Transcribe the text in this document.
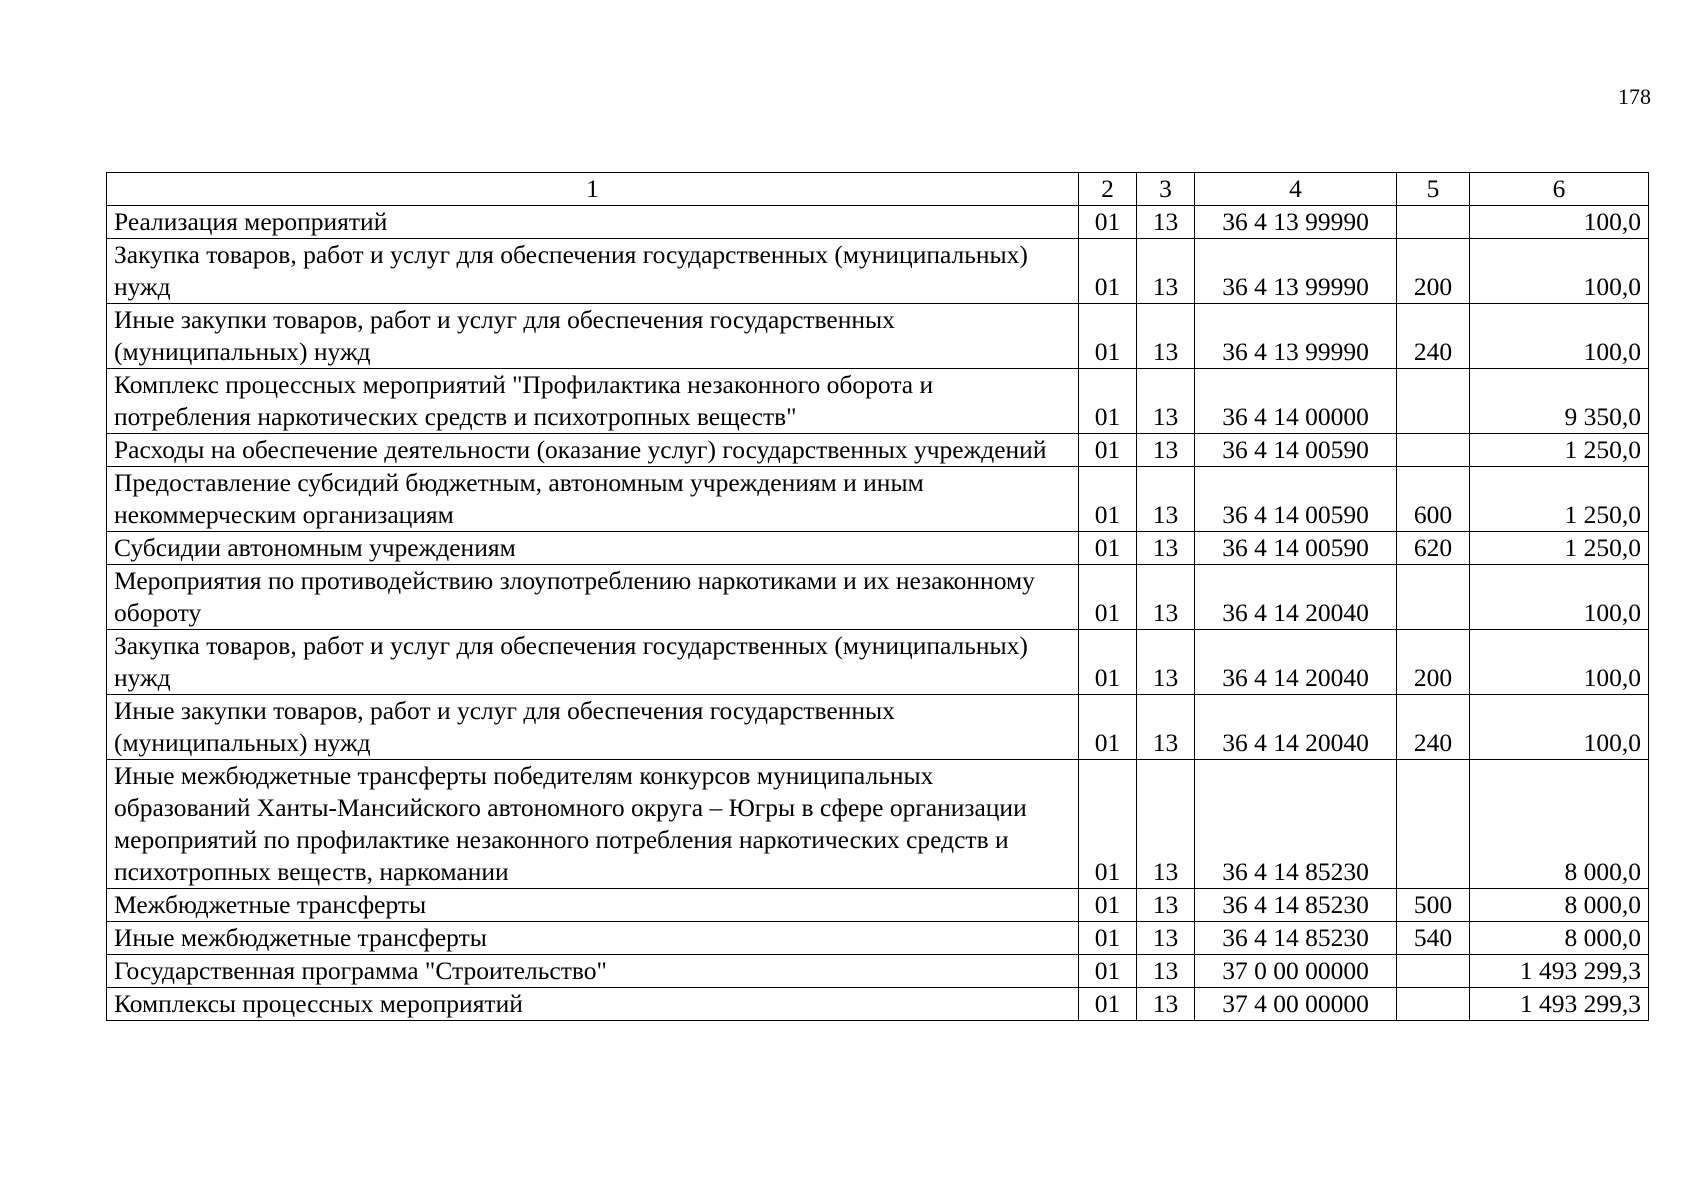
178
1	2	3	4	5	6
Реализация мероприятий	01	13	36 4 13 99990		100,0
Закупка товаров, работ и услуг для обеспечения государственных (муниципальных) нужд	01	13	36 4 13 99990	200	100,0
Иные закупки товаров, работ и услуг для обеспечения государственных (муниципальных) нужд	01	13	36 4 13 99990	240	100,0
Комплекс процессных мероприятий "Профилактика незаконного оборота и потребления наркотических средств и психотропных веществ"	01	13	36 4 14 00000		9 350,0
Расходы на обеспечение деятельности (оказание услуг) государственных учреждений	01	13	36 4 14 00590		1 250,0
Предоставление субсидий бюджетным, автономным учреждениям и иным некоммерческим организациям	01	13	36 4 14 00590	600	1 250,0
Субсидии автономным учреждениям	01	13	36 4 14 00590	620	1 250,0
Мероприятия по противодействию злоупотреблению наркотиками и их незаконному обороту	01	13	36 4 14 20040		100,0
Закупка товаров, работ и услуг для обеспечения государственных (муниципальных) нужд	01	13	36 4 14 20040	200	100,0
Иные закупки товаров, работ и услуг для обеспечения государственных (муниципальных) нужд	01	13	36 4 14 20040	240	100,0
Иные межбюджетные трансферты победителям конкурсов муниципальных образований Ханты-Мансийского автономного округа – Югры в сфере организации мероприятий по профилактике незаконного потребления наркотических средств и психотропных веществ, наркомании	01	13	36 4 14 85230		8 000,0
Межбюджетные трансферты	01	13	36 4 14 85230	500	8 000,0
Иные межбюджетные трансферты	01	13	36 4 14 85230	540	8 000,0
Государственная программа "Строительство"	01	13	37 0 00 00000		1 493 299,3
Комплексы процессных мероприятий	01	13	37 4 00 00000		1 493 299,3
